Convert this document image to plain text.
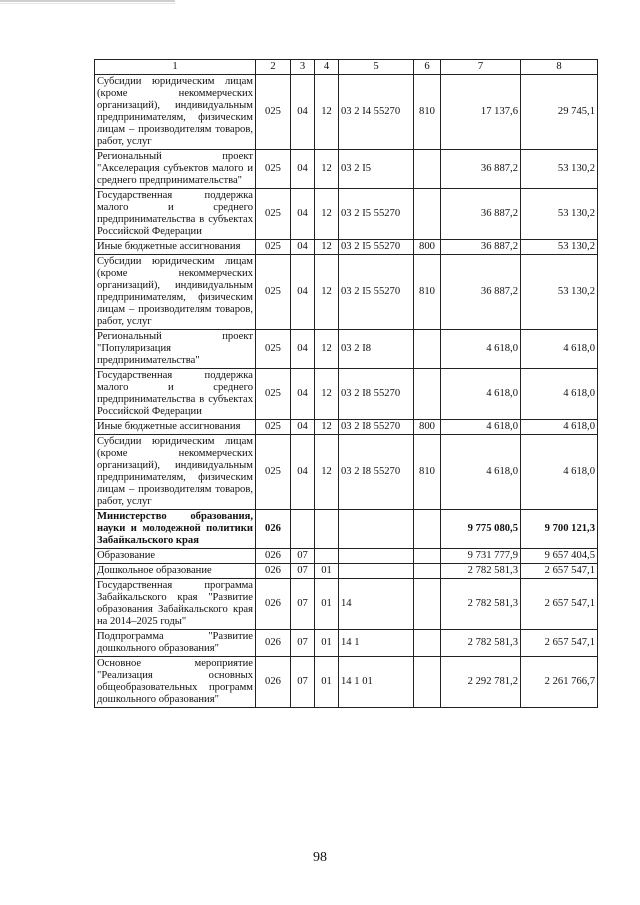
1	2	3	4	5	6	7	8
Субсидии юридическим лицам (кроме некоммерческих организаций), индивидуальным предпринимателям, физическим лицам – производителям товаров, работ, услуг	025	04	12	03 2 I4 55270	810	17 137,6	29 745,1
Региональный проект "Акселерация субъектов малого и среднего предпринимательства"	025	04	12	03 2 I5		36 887,2	53 130,2
Государственная поддержка малого и среднего предпринимательства в субъектах Российской Федерации	025	04	12	03 2 I5 55270		36 887,2	53 130,2
Иные бюджетные ассигнования	025	04	12	03 2 I5 55270	800	36 887,2	53 130,2
Субсидии юридическим лицам (кроме некоммерческих организаций), индивидуальным предпринимателям, физическим лицам – производителям товаров, работ, услуг	025	04	12	03 2 I5 55270	810	36 887,2	53 130,2
Региональный проект "Популяризация предпринимательства"	025	04	12	03 2 I8		4 618,0	4 618,0
Государственная поддержка малого и среднего предпринимательства в субъектах Российской Федерации	025	04	12	03 2 I8 55270		4 618,0	4 618,0
Иные бюджетные ассигнования	025	04	12	03 2 I8 55270	800	4 618,0	4 618,0
Субсидии юридическим лицам (кроме некоммерческих организаций), индивидуальным предпринимателям, физическим лицам – производителям товаров, работ, услуг	025	04	12	03 2 I8 55270	810	4 618,0	4 618,0
Министерство образования, науки и молодежной политики Забайкальского края	026					9 775 080,5	9 700 121,3
Образование	026	07				9 731 777,9	9 657 404,5
Дошкольное образование	026	07	01			2 782 581,3	2 657 547,1
Государственная программа Забайкальского края "Развитие образования Забайкальского края на 2014–2025 годы"	026	07	01	14		2 782 581,3	2 657 547,1
Подпрограмма "Развитие дошкольного образования"	026	07	01	14 1		2 782 581,3	2 657 547,1
Основное мероприятие "Реализация основных общеобразовательных программ дошкольного образования"	026	07	01	14 1 01		2 292 781,2	2 261 766,7
98
